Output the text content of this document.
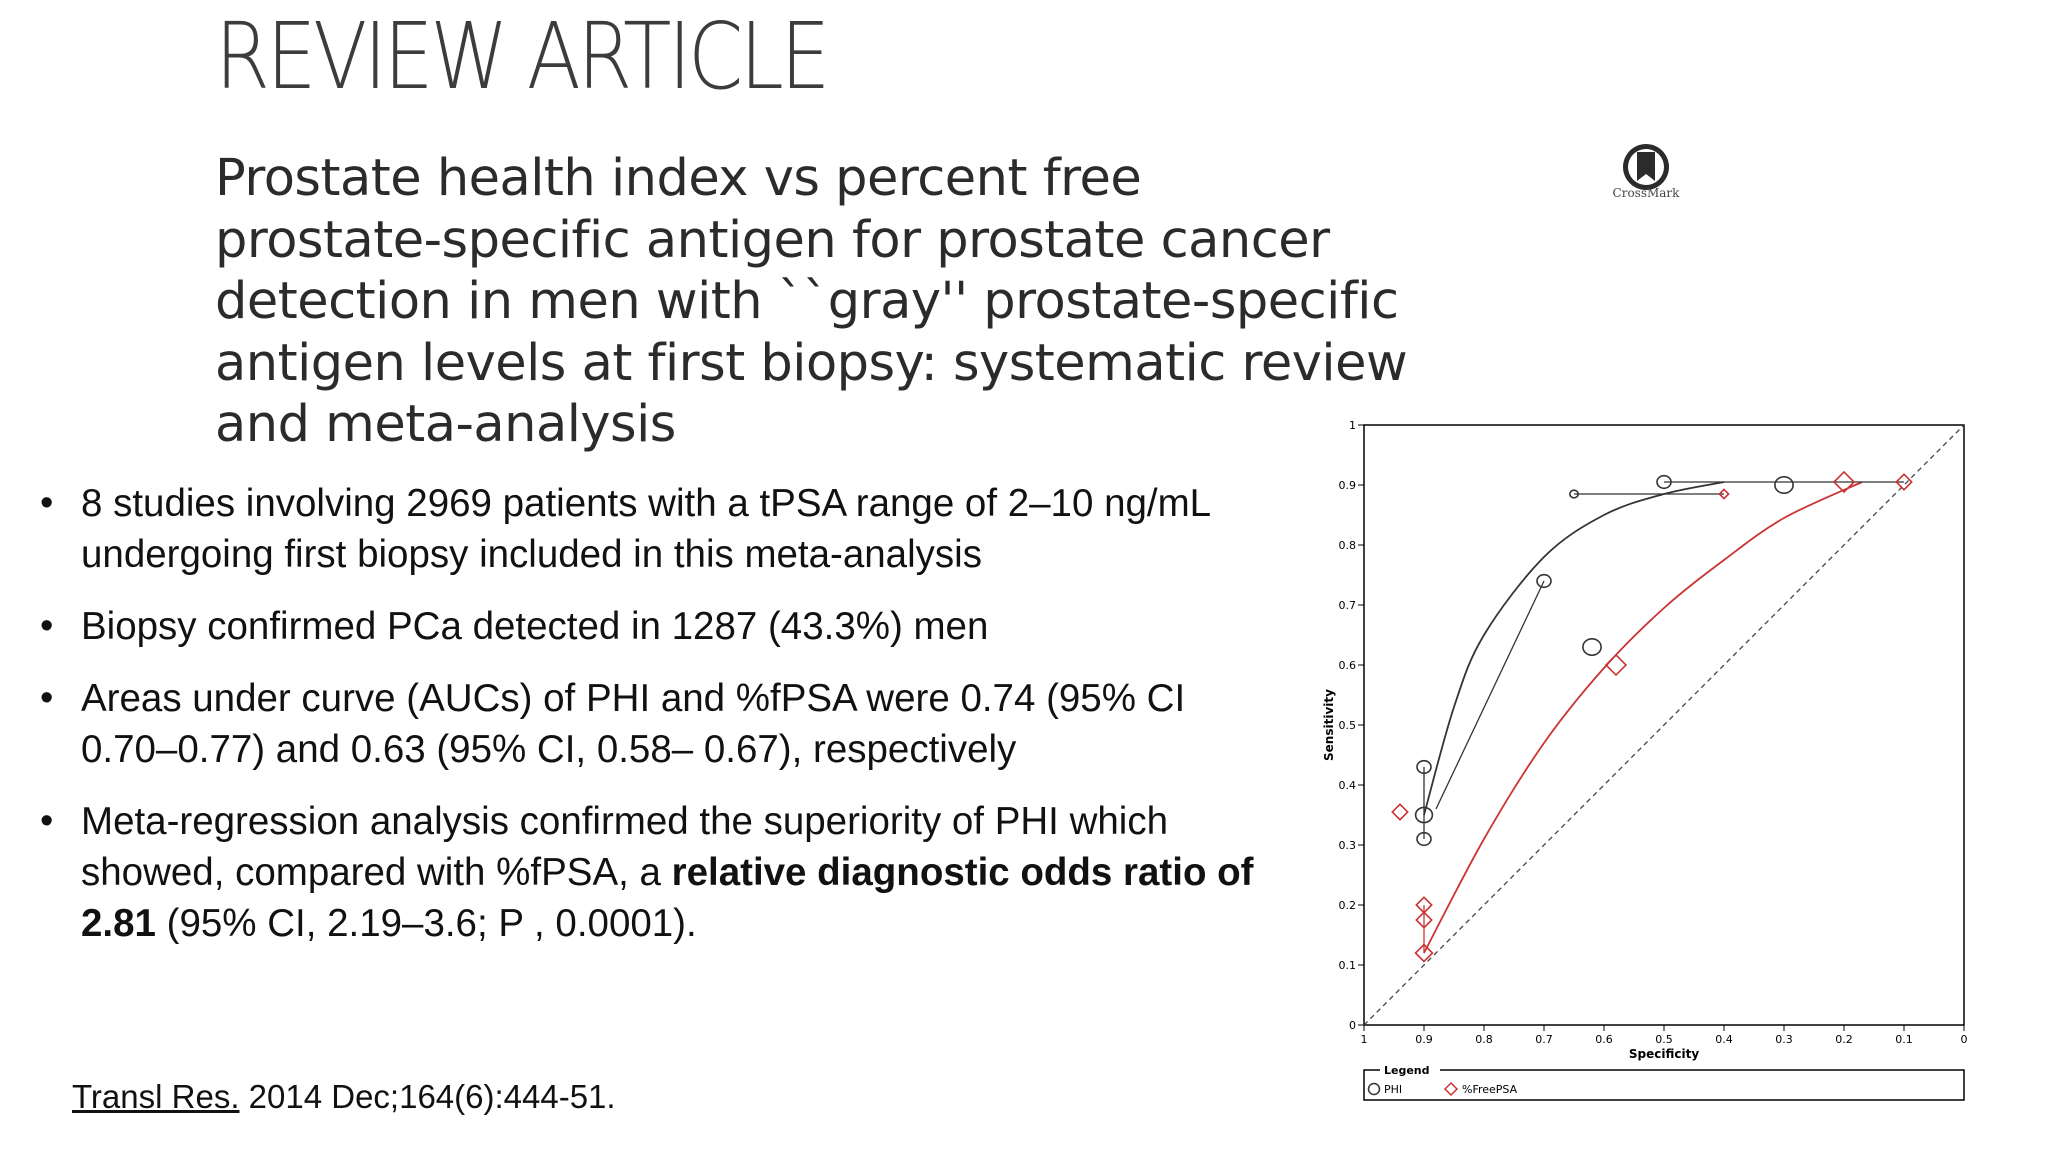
REVIEW ARTICLE
Prostate health index vs percent free
prostate-specific antigen for prostate cancer
detection in men with ``gray'' prostate-specific
antigen levels at first biopsy: systematic review
and meta-analysis
CrossMark
• 8 studies involving 2969 patients with a tPSA range of 2–10 ng/mL undergoing first biopsy included in this meta-analysis
• Biopsy confirmed PCa detected in 1287 (43.3%) men
• Areas under curve (AUCs) of PHI and %fPSA were 0.74 (95% CI 0.70–0.77) and 0.63 (95% CI, 0.58– 0.67), respectively
• Meta-regression analysis confirmed the superiority of PHI which showed, compared with %fPSA, a relative diagnostic odds ratio of 2.81 (95% CI, 2.19–3.6; P , 0.0001).
Transl Res. 2014 Dec;164(6):444-51.
1	0.9	0.8	0.7	0.6	0.5	0.4	0.3	0.2	0.1	0
0
0.1
0.2
0.3
0.4
0.5
0.6
0.7
0.8
0.9
1
Specificity
Sensitivity
Legend
PHI	%FreePSA
